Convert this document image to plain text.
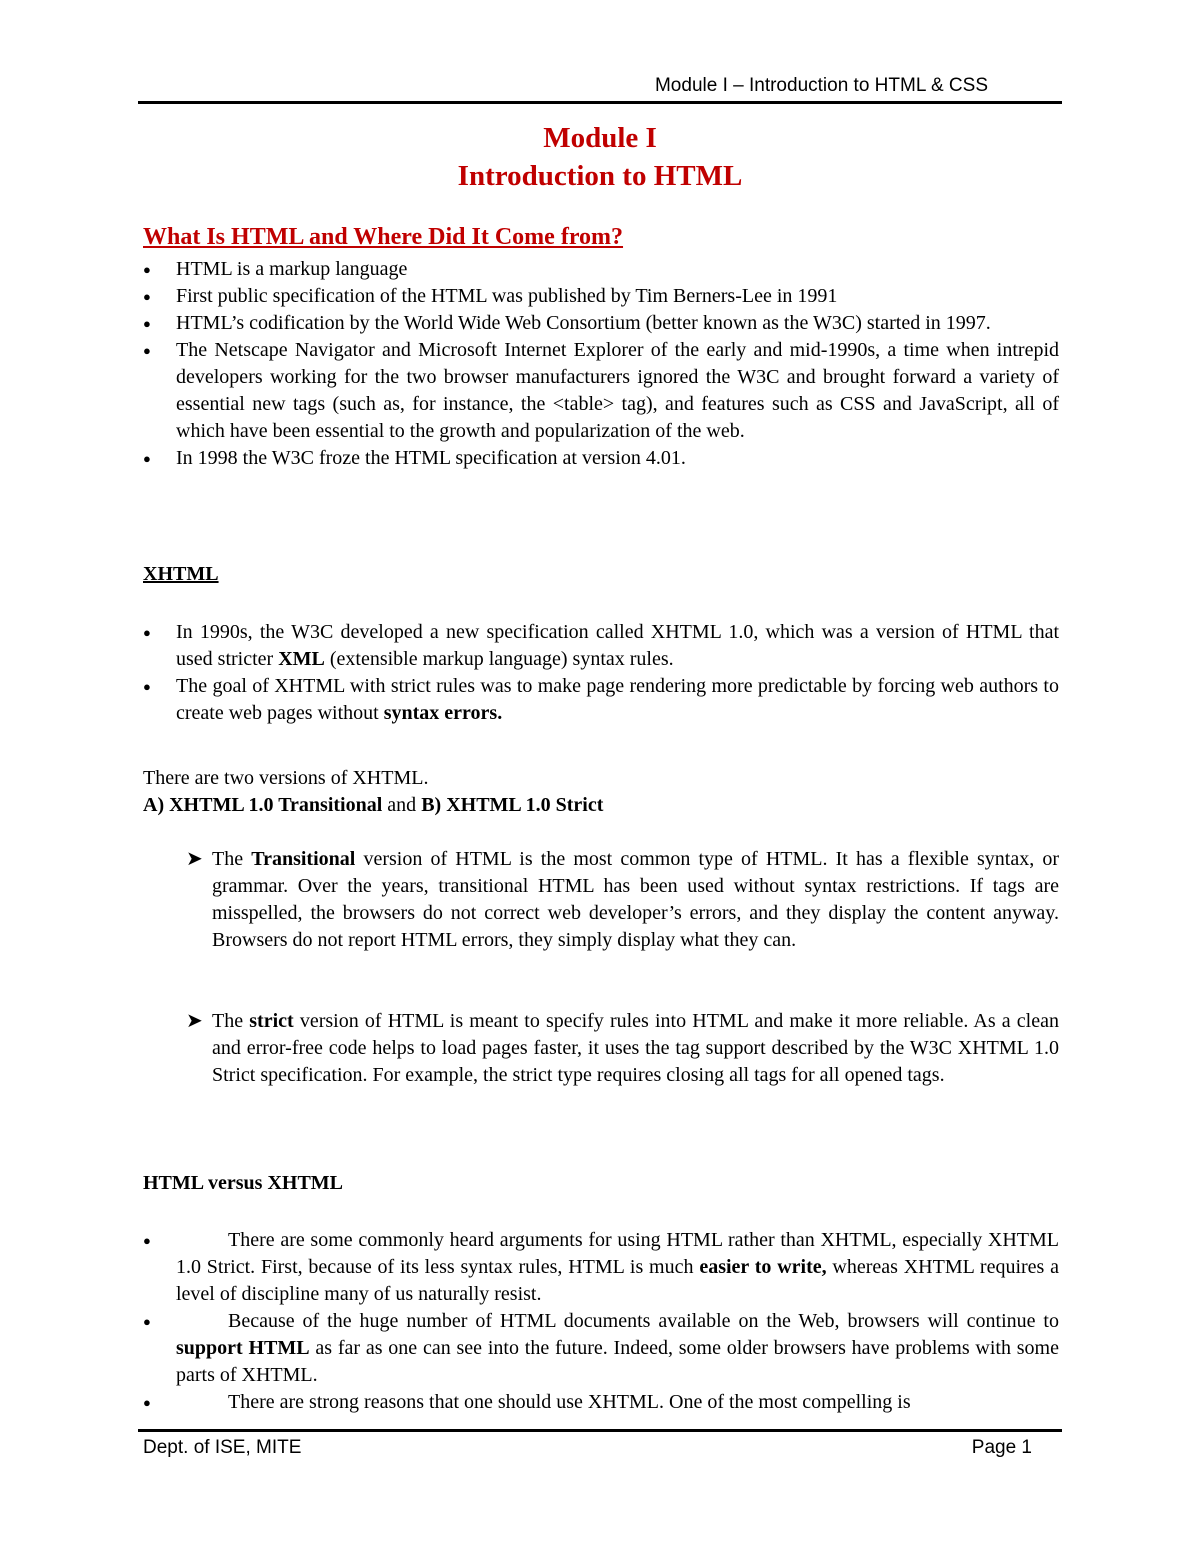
Module I – Introduction to HTML & CSS
Module I
Introduction to HTML
What Is HTML and Where Did It Come from?
● HTML is a markup language
● First public specification of the HTML was published by Tim Berners-Lee in 1991
● HTML’s codification by the World Wide Web Consortium (better known as the W3C) started in 1997.
● The Netscape Navigator and Microsoft Internet Explorer of the early and mid-1990s, a time when intrepid developers working for the two browser manufacturers ignored the W3C and brought forward a variety of essential new tags (such as, for instance, the <table> tag), and features such as CSS and JavaScript, all of which have been essential to the growth and popularization of the web.
● In 1998 the W3C froze the HTML specification at version 4.01.
XHTML
● In 1990s, the W3C developed a new specification called XHTML 1.0, which was a version of HTML that used stricter XML (extensible markup language) syntax rules.
● The goal of XHTML with strict rules was to make page rendering more predictable by forcing web authors to create web pages without syntax errors.
There are two versions of XHTML.
A) XHTML 1.0 Transitional and B) XHTML 1.0 Strict
➤ The Transitional version of HTML is the most common type of HTML. It has a flexible syntax, or grammar. Over the years, transitional HTML has been used without syntax restrictions. If tags are misspelled, the browsers do not correct web developer’s errors, and they display the content anyway. Browsers do not report HTML errors, they simply display what they can.
➤ The strict version of HTML is meant to specify rules into HTML and make it more reliable. As a clean and error-free code helps to load pages faster, it uses the tag support described by the W3C XHTML 1.0 Strict specification. For example, the strict type requires closing all tags for all opened tags.
HTML versus XHTML
● There are some commonly heard arguments for using HTML rather than XHTML, especially XHTML 1.0 Strict. First, because of its less syntax rules, HTML is much easier to write, whereas XHTML requires a level of discipline many of us naturally resist.
● Because of the huge number of HTML documents available on the Web, browsers will continue to support HTML as far as one can see into the future. Indeed, some older browsers have problems with some parts of XHTML.
● There are strong reasons that one should use XHTML. One of the most compelling is
Dept. of ISE, MITE	Page 1
